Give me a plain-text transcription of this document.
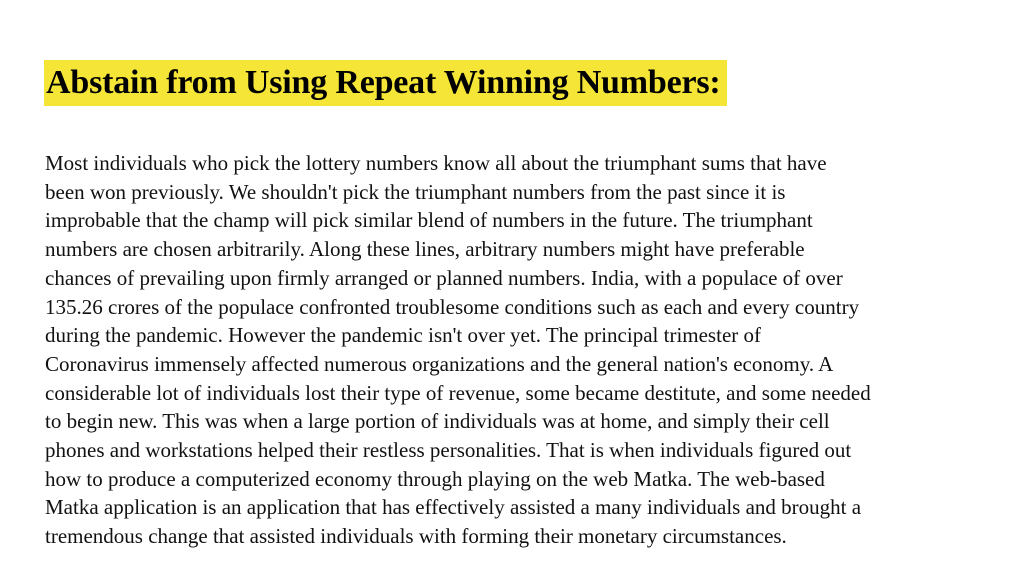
Abstain from Using Repeat Winning Numbers:

Most individuals who pick the lottery numbers know all about the triumphant sums that have
been won previously. We shouldn't pick the triumphant numbers from the past since it is
improbable that the champ will pick similar blend of numbers in the future. The triumphant
numbers are chosen arbitrarily. Along these lines, arbitrary numbers might have preferable
chances of prevailing upon firmly arranged or planned numbers. India, with a populace of over
135.26 crores of the populace confronted troublesome conditions such as each and every country
during the pandemic. However the pandemic isn't over yet. The principal trimester of
Coronavirus immensely affected numerous organizations and the general nation's economy. A
considerable lot of individuals lost their type of revenue, some became destitute, and some needed
to begin new. This was when a large portion of individuals was at home, and simply their cell
phones and workstations helped their restless personalities. That is when individuals figured out
how to produce a computerized economy through playing on the web Matka. The web-based
Matka application is an application that has effectively assisted a many individuals and brought a
tremendous change that assisted individuals with forming their monetary circumstances.
